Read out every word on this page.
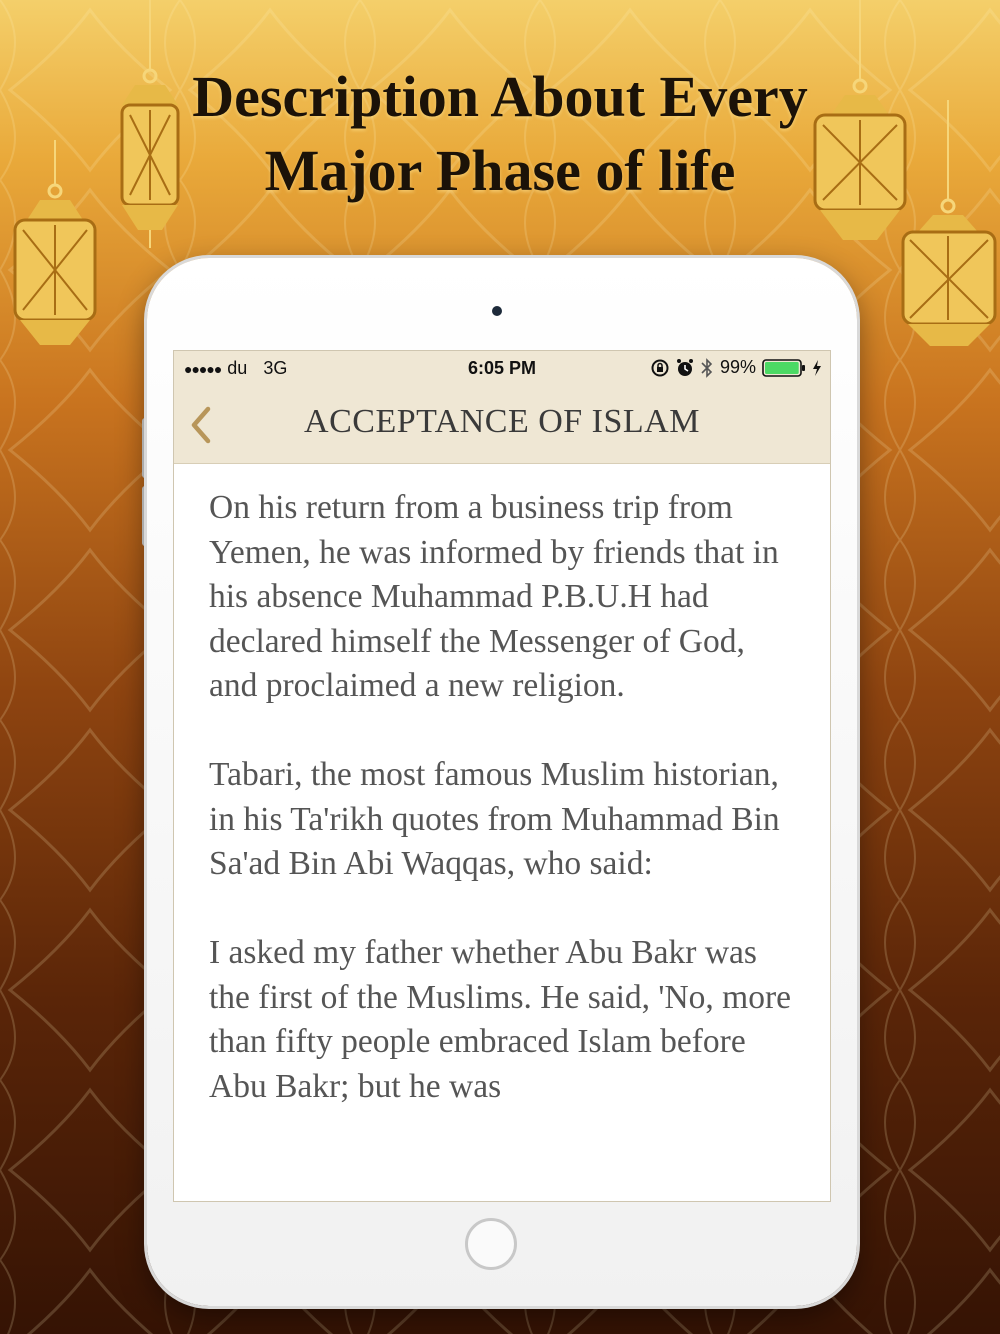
Description About Every
Major Phase of life
●●●●● du 3G	6:05 PM	99%
ACCEPTANCE OF ISLAM

On his return from a business trip from Yemen, he was informed by friends that in his absence Muhammad P.B.U.H had declared himself the Messenger of God, and proclaimed a new religion.

Tabari, the most famous Muslim historian, in his Ta'rikh quotes from Muhammad Bin Sa'ad Bin Abi Waqqas, who said:

I asked my father whether Abu Bakr was the first of the Muslims. He said, 'No, more than fifty people embraced Islam before Abu Bakr; but he was
